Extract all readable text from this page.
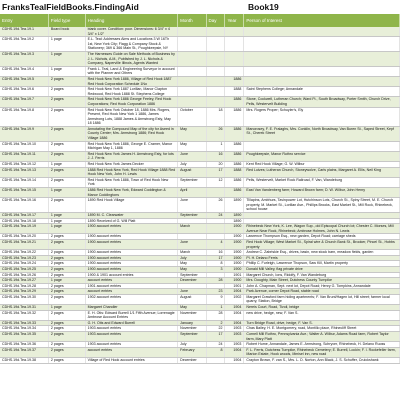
FranksTealFieldBooks.FindingAid	Book19
Entry	Field type	Heading	Month	Day	Year	Person of Interest
CDHS.19d.Tea.19.1	Board book	blank cover. Condition: poor. Dimensions: 6 3/4" x 4 3/4" x 1/2"				
CDHS.19d.Tea.19.2	1 page	E.L. Teal: Addresses Aims and Locations 3 W 16Th 1st, New York City; Flagg & Company Stock & Stationery; 369 & 366 Main St., Poughkeepsie, NY				
CDHS.19d.Tea.19.3	1 page	The Harnesses Guide on Sale Methods of Business by J. L. Nichols, A.M., Published by J. L. Nichols & Company, Naperville Illinois, Agents Wanted				
CDHS.19d.Tea.19.4	1 page	Frank L. Teal, Land & Engineering Surveyor in account with the Planner and Others				
CDHS.19d.Tea.19.5	2 pages	Red Hook New York 1886, Village of Red Hook 1887 Red Hook Corporation Schedule 1No			1886	
CDHS.19d.Tea.19.6	2 pages	Red Hook New York 1887 Lorillan, Manor Clapton Redwood, Red Hook 1888 St. Stephens College			1888	Saint Stephens College; Annandale
CDHS.19d.Tea.19.7	2 pages	Red Hook New York 1886 George Feeley, Red Hook Corporations; Red Hook Corporation 1886			1886	Stone, Cockwell, Lutheran Church; Ward Ft., South Broadway, Porter Smith, Church Drive, Pells, Westervelt Building
CDHS.19d.Tea.19.8	2 pages	Red Hook New York October 18, 1886 Mrs. Rogers, Present, Red Hook New York 1 1886, James Armstrong Lots, 1888 James & Armstrong Esty, May 18 1886	October	18	1886	Mrs. Rogers Proper; Schuyler's, Ely
CDHS.19d.Tea.19.9	2 pages	Annotating the Compound Map of the city for Aseed in County Center; Mrs. Armstrong 1886; Red Hook Village 1886	May	26	1886	Manorosey, F. E. Fralaghs, Mrs. Conklin, North Broadway, Van Buren St., Saped Street, Kepf St., Cherek Street
CDHS.19d.Tea.19.10	2 pages	Red Hook New York 1886, George E. Cramer, Manor Michigan May 1, 1886	May	1	1886	
CDHS.19d.Tea.19.11	2 pages	Red Hook New York James H. Armstrong Esty, for lots J. J. Ferris	June	16	1886	Poughkeepsie, Manor Ruthro service
CDHS.19d.Tea.19.12	1 page	Red Hook New York James Decker	July	20	1886	Kent Red Hook Village; G. W. Wilbur
CDHS.19d.Tea.19.13	2 pages	1888 Red Hook New York, Red Hook Village 1888 Red Hook New York, John H. Lewis	August	17	1888	Red Lutzes; Lutheran Church, Stoneywolve, Carls plains, Margaret A. Ellis, Neil King
CDHS.19d.Tea.19.14	2 pages	Red Hook New York 1886, Town of Red Hook New York	September	12	1886	Pells, Westervelt, Market Rock Railroad, F. Van, Wandeburg
CDHS.19d.Tea.19.15	1 page	1886 Red Hook New York, Edward Coddington & Manor Coddingtons	April		1886	East Van Vandenberg farm; Howard Brown farm; D. W. Wilbur, John Henry
CDHS.19d.Tea.19.16	2 pages	1890 Red Hook Village	June	26	1890	Tillapins, Ambhurs, Tavinpower Lot, Hutchinson Lots, Church St., Spiny Street, M. E. Church property, M. Market St., Lorillan Ave., Phillips Brooks, East Market St., Mill Rock, Rhinebeck, school house
CDHS.19d.Tea.19.17	1 page	1890 M. C. Clearwater	September	24	1890	
CDHS.19d.Tea.19.18	1 page	1890 Received of G. Will Platt			1890	
CDHS.19d.Tea.19.19	1 page	1900 account entries	March		1900	Rhinebeck New York, K. Lee, Wagon Sup., old Episcopal Church lot; Chester C. Morses, Mill Avenue Near Rock, Rhinebeck; Ambrose Holmes, John N. Lewis
CDHS.19d.Tea.19.20	2 pages	1900 account entries			1900	Lawrence Thompson Esq., new garden, Depot Road; carriage sheds
CDHS.19d.Tea.19.21	2 pages	1900 account entries	June	4	1900	Red Hook Village; West Market St., Spiral wire & Church Bank St., Brooker, Pincel St., Hobbs property
CDHS.19d.Tea.19.22	2 pages	1900 account entries	March	16	1900	Andrew C. Zabriskie Esq., drives, basin, new stock barn, meadow fields, garden
CDHS.19d.Tea.19.23	2 pages	1900 account entries	July	17	1900	Pl. H. Delano Ferris
CDHS.19d.Tea.19.24	2 pages	1900 account entries	May	8	1900	Phillip C. Furleigh, Lawrence Thopson, Saw Kill, Martin property
CDHS.19d.Tea.19.25	2 pages	1900 account entries	May	3	1900	Donald Mill Valley, flag private drive
CDHS.19d.Tea.19.26	2 pages	1900 & 1901 account entries	September		1901	Margaret Church, Ions, Ridolfy, F. Van Wandeburg
CDHS.19d.Tea.19.27	1 page	account entries	December	28	1900	Mrs. Doughty, Main Street, Dutchess County Turnpike
CDHS.19d.Tea.19.28	2 pages	1901 account entries			1901	John A. Chapman, Sept. next lot, Depot Road; Henry G. Tompkins, Annandale
CDHS.19d.Tea.19.29	2 pages	account entries	June	23	1904	Park Avenue, corner Depot Road, stable road
CDHS.19d.Tea.19.30	2 pages	1902 account entries	August	9	1902	Margaret Crawford farm hiding apartments; F. Van Brunt/Hagen lot, Hill street; farmer local quarry, Station, Bridge
CDHS.19d.Tea.19.31	1 page	Margaret Chandler	May	1	1904	Nereis Court, Road, Tivoli, bridge
CDHS.19d.Tea.19.32	2 pages	E. H. Otis: Edward Burrell 1/1 Fifth Avenue; Lorrenagie Ambrose Account Entries	November	28	1904	new drive, hedge, new, F. Van S.
CDHS.19d.Tea.19.33	2 pages	G. H. Otis and Edward Burrell	January	2	1904	Turn Bridge Road, drive, hedge, F. Van S.
CDHS.19d.Tea.19.34	2 pages	1903 account entries	November	22	1903	Chas Bailey, H. E. Montgomery, road, Montillo place, Rhinecliff Street
CDHS.19d.Tea.19.35	2 pages	1903 account entries	September	17	1903	Cornell Mill Ruthro, Pennsylvania Ave.; Walter A. Wilbur, Adams Road farm, Robert Taylor farm, Mary Platt
CDHS.19d.Tea.19.36	2 pages	1903 account entries	July	24	1903	Robert Hume, Annandale, James E. Armstrong, Schryver, Rhinebeck, H. Delano Ruoss
CDHS.19d.Tea.19.37	2 pages	account entries	February	8	1904	F. L. Ferris, Dutchess Turnpike, Rhinebeck Cemetery; E. Burrell, Lockin; F. I. Rockefeller farm, Marion Estate, Hook woods, Mmisel inn, new road
CDHS.19d.Tea.19.38	2 pages	Village of Red Hook account entries	December		1904	Crayton Brown, F. van S., Mrs. L. D. Norton, Ann Black, J. S. Schuffer, Cruickshank
